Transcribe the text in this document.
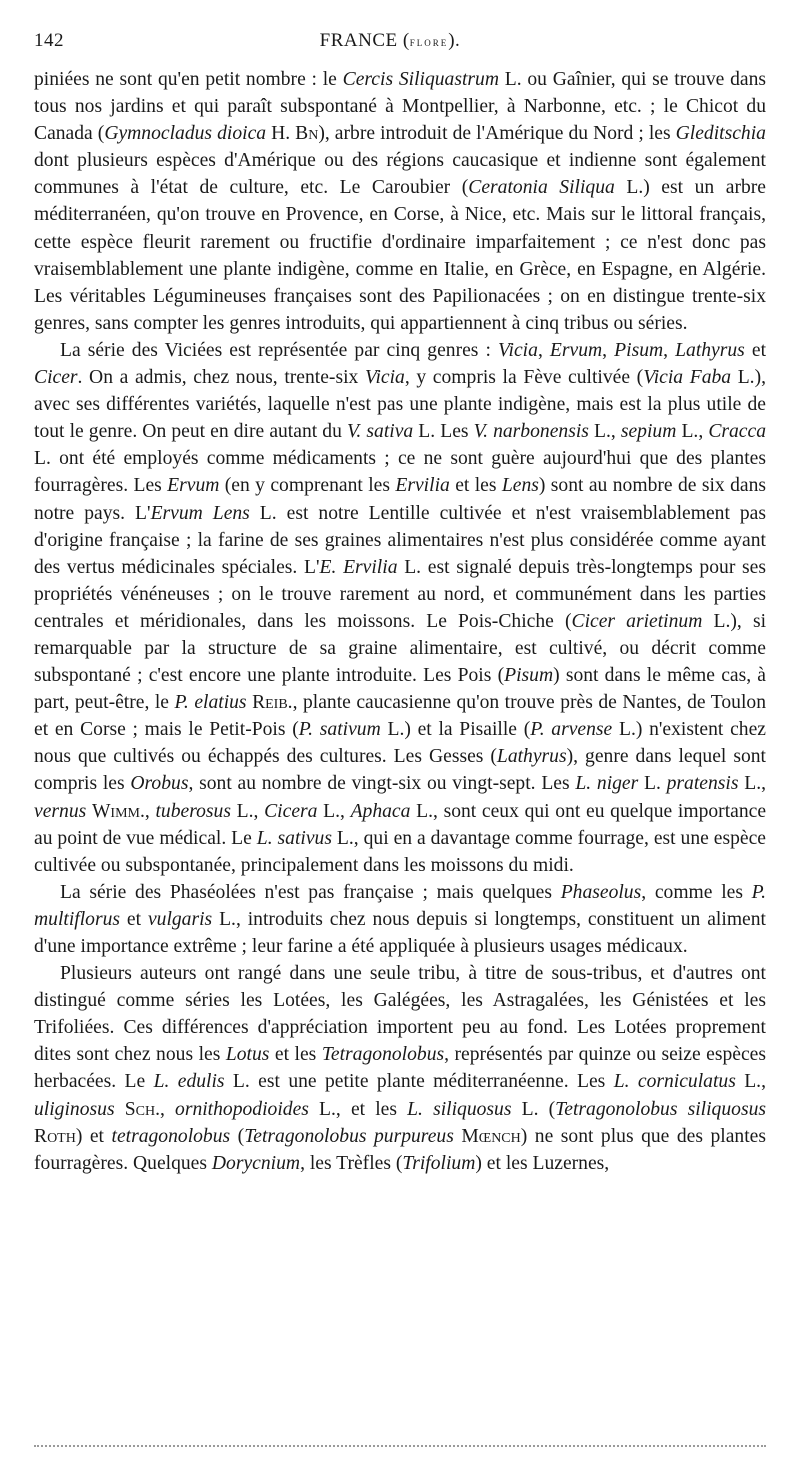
142	FRANCE (flore).

piniées ne sont qu'en petit nombre : le Cercis Siliquastrum L. ou Gaînier, qui se trouve dans tous nos jardins et qui paraît subspontané à Montpellier, à Narbonne, etc. ; le Chicot du Canada (Gymnocladus dioica H. Bn), arbre introduit de l'Amérique du Nord ; les Gleditschia dont plusieurs espèces d'Amérique ou des régions caucasique et indienne sont également communes à l'état de culture, etc. Le Caroubier (Ceratonia Siliqua L.) est un arbre méditerranéen, qu'on trouve en Provence, en Corse, à Nice, etc. Mais sur le littoral français, cette espèce fleurit rarement ou fructifie d'ordinaire imparfaitement ; ce n'est donc pas vraisemblablement une plante indigène, comme en Italie, en Grèce, en Espagne, en Algérie. Les véritables Légumineuses françaises sont des Papilionacées ; on en distingue trente-six genres, sans compter les genres introduits, qui appartiennent à cinq tribus ou séries.

La série des Viciées est représentée par cinq genres : Vicia, Ervum, Pisum, Lathyrus et Cicer. On a admis, chez nous, trente-six Vicia, y compris la Fève cultivée (Vicia Faba L.), avec ses différentes variétés, laquelle n'est pas une plante indigène, mais est la plus utile de tout le genre. On peut en dire autant du V. sativa L. Les V. narbonensis L., sepium L., Cracca L. ont été employés comme médicaments ; ce ne sont guère aujourd'hui que des plantes fourragères. Les Ervum (en y comprenant les Ervilia et les Lens) sont au nombre de six dans notre pays. L'Ervum Lens L. est notre Lentille cultivée et n'est vraisemblablement pas d'origine française ; la farine de ses graines alimentaires n'est plus considérée comme ayant des vertus médicinales spéciales. L'E. Ervilia L. est signalé depuis très-longtemps pour ses propriétés vénéneuses ; on le trouve rarement au nord, et communément dans les parties centrales et méridionales, dans les moissons. Le Pois-Chiche (Cicer arietinum L.), si remarquable par la structure de sa graine alimentaire, est cultivé, ou décrit comme subspontané ; c'est encore une plante introduite. Les Pois (Pisum) sont dans le même cas, à part, peut-être, le P. elatius Reib., plante caucasienne qu'on trouve près de Nantes, de Toulon et en Corse ; mais le Petit-Pois (P. sativum L.) et la Pisaille (P. arvense L.) n'existent chez nous que cultivés ou échappés des cultures. Les Gesses (Lathyrus), genre dans lequel sont compris les Orobus, sont au nombre de vingt-six ou vingt-sept. Les L. niger L. pratensis L., vernus Wimm., tuberosus L., Cicera L., Aphaca L., sont ceux qui ont eu quelque importance au point de vue médical. Le L. sativus L., qui en a davantage comme fourrage, est une espèce cultivée ou subspontanée, principalement dans les moissons du midi.

La série des Phaséolées n'est pas française ; mais quelques Phaseolus, comme les P. multiflorus et vulgaris L., introduits chez nous depuis si longtemps, constituent un aliment d'une importance extrême ; leur farine a été appliquée à plusieurs usages médicaux.

Plusieurs auteurs ont rangé dans une seule tribu, à titre de sous-tribus, et d'autres ont distingué comme séries les Lotées, les Galégées, les Astragalées, les Génistées et les Trifoliées. Ces différences d'appréciation importent peu au fond. Les Lotées proprement dites sont chez nous les Lotus et les Tetragonolobus, représentés par quinze ou seize espèces herbacées. Le L. edulis L. est une petite plante méditerranéenne. Les L. corniculatus L., uliginosus Sch., ornithopodioides L., et les L. siliquosus L. (Tetragonolobus siliquosus Roth) et tetragonolobus (Tetragonolobus purpureus Mœnch) ne sont plus que des plantes fourragères. Quelques Dorycnium, les Trèfles (Trifolium) et les Luzernes,
